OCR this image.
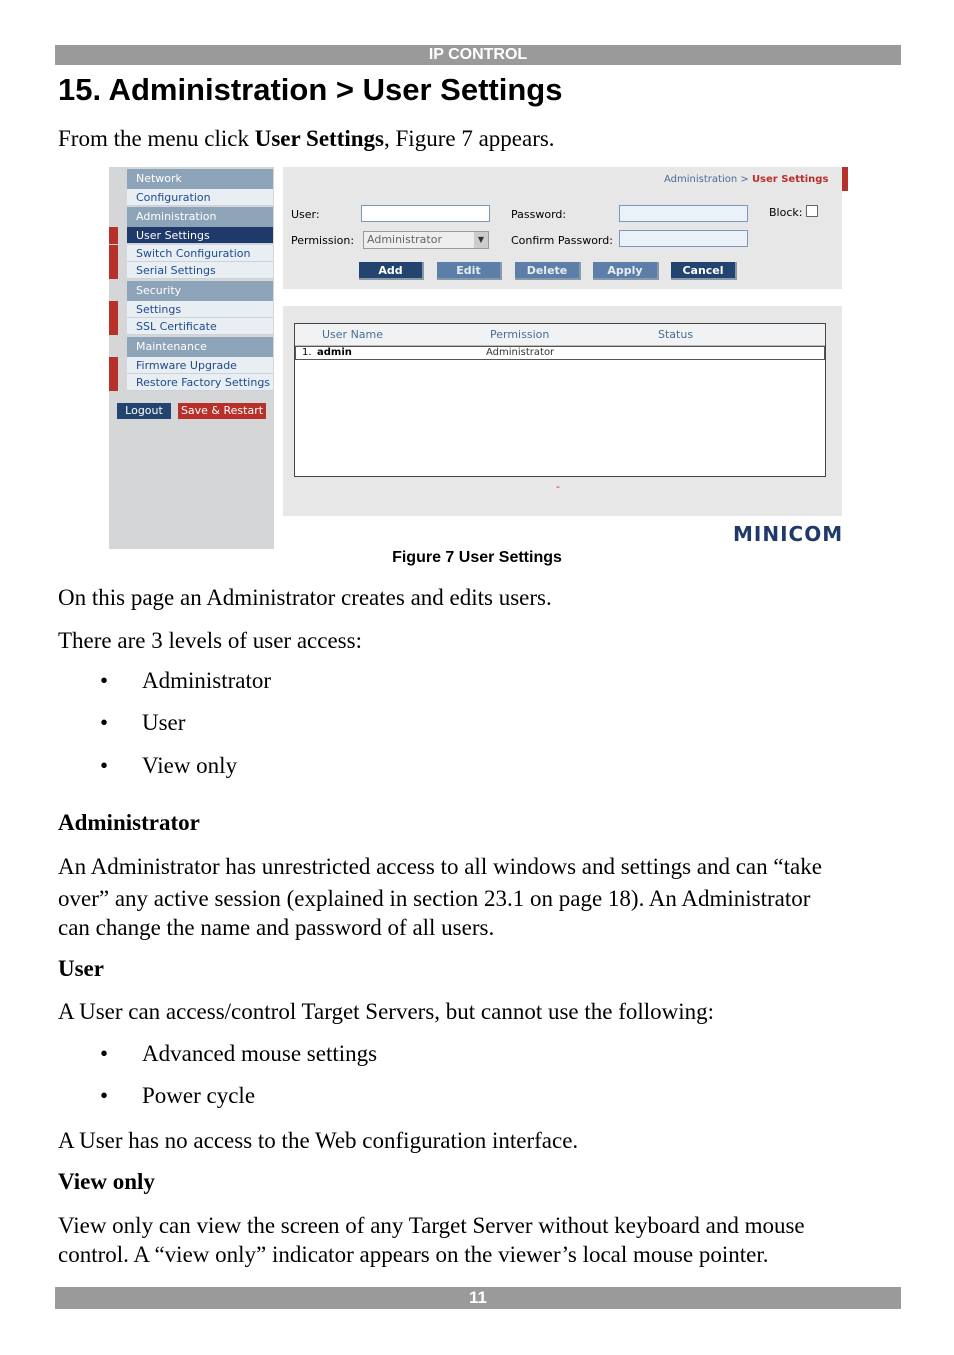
IP CONTROL
15. Administration > User Settings
From the menu click User Settings, Figure 7 appears.
Network
Configuration
Administration
User Settings
Switch Configuration
Serial Settings
Security
Settings
SSL Certificate
Maintenance
Firmware Upgrade
Restore Factory Settings
Logout	Save & Restart
Administration > User Settings
User:	Password:	Block:
Permission:	Administrator	▼	Confirm Password:
Add	Edit	Delete	Apply	Cancel
User Name	Permission	Status
1. admin	Administrator
-
MINICOM
Figure 7 User Settings
On this page an Administrator creates and edits users.
There are 3 levels of user access:
• Administrator
• User
• View only
Administrator
An Administrator has unrestricted access to all windows and settings and can “take
over” any active session (explained in section 23.1 on page 18). An Administrator
can change the name and password of all users.
User
A User can access/control Target Servers, but cannot use the following:
• Advanced mouse settings
• Power cycle
A User has no access to the Web configuration interface.
View only
View only can view the screen of any Target Server without keyboard and mouse
control. A “view only” indicator appears on the viewer’s local mouse pointer.
11
